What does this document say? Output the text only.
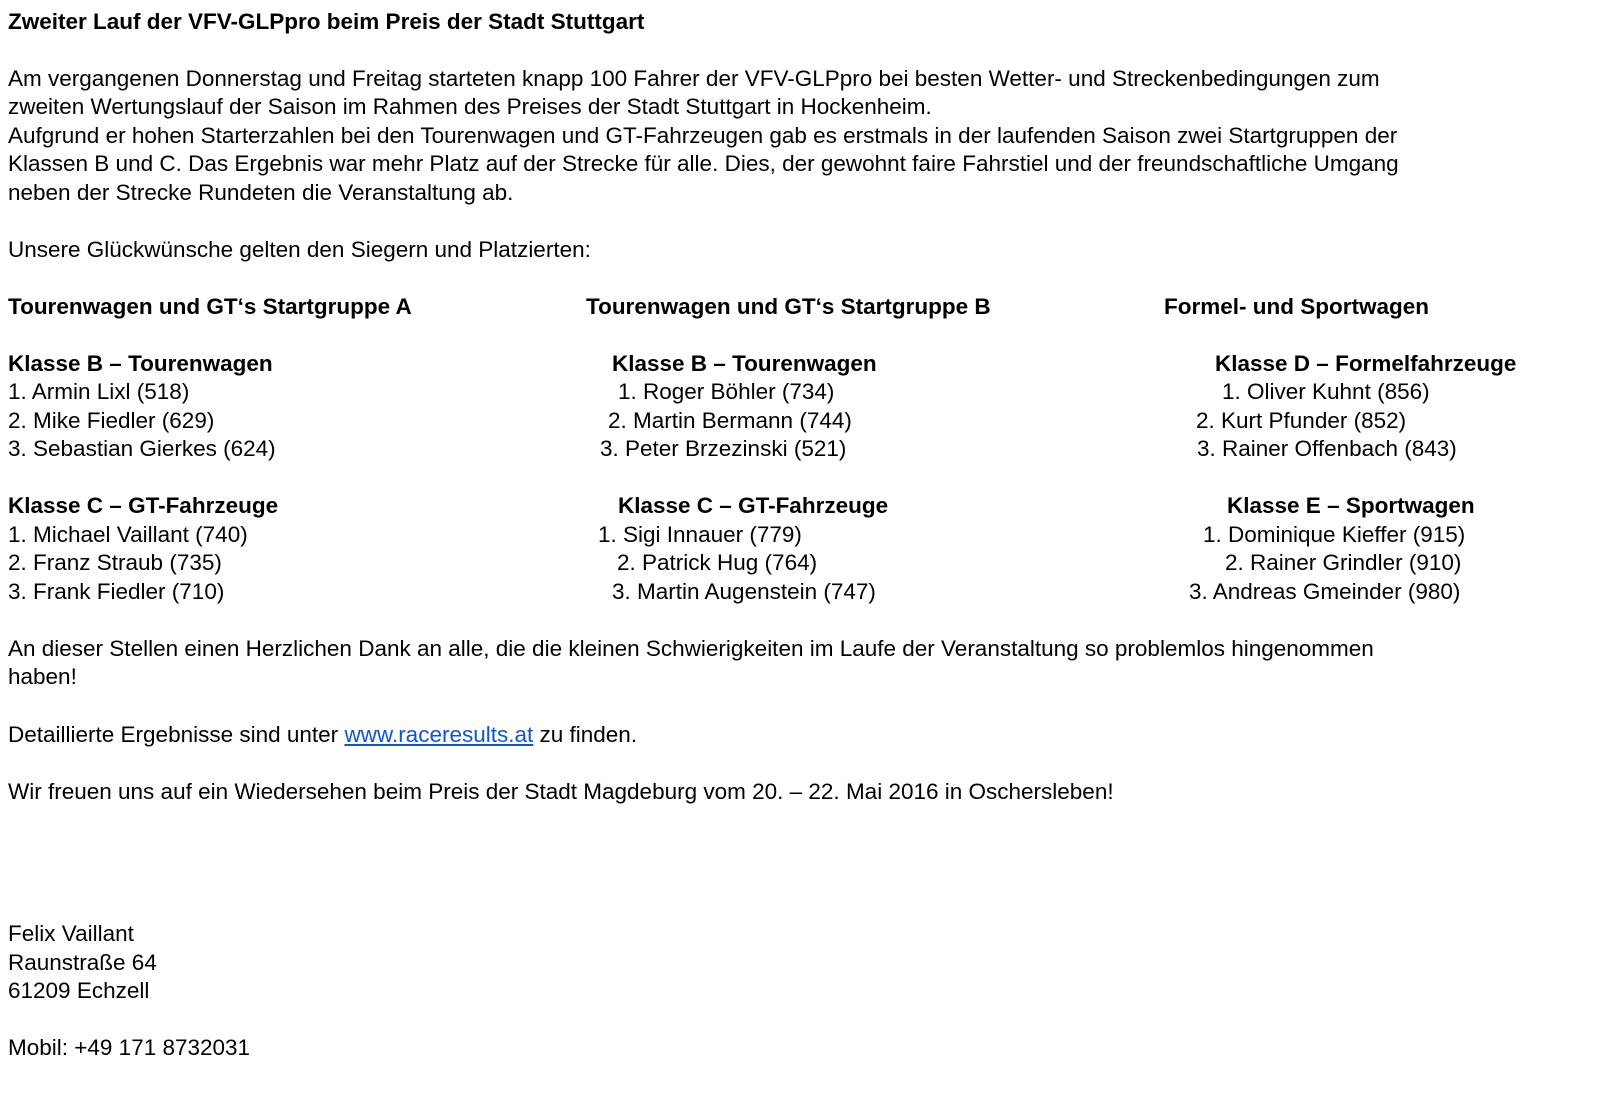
Zweiter Lauf der VFV-GLPpro beim Preis der Stadt Stuttgart
Am vergangenen Donnerstag und Freitag starteten knapp 100 Fahrer der VFV-GLPpro bei besten Wetter- und Streckenbedingungen zum
zweiten Wertungslauf der Saison im Rahmen des Preises der Stadt Stuttgart in Hockenheim.
Aufgrund er hohen Starterzahlen bei den Tourenwagen und GT-Fahrzeugen gab es erstmals in der laufenden Saison zwei Startgruppen der
Klassen B und C. Das Ergebnis war mehr Platz auf der Strecke für alle. Dies, der gewohnt faire Fahrstiel und der freundschaftliche Umgang
neben der Strecke Rundeten die Veranstaltung ab.
Unsere Glückwünsche gelten den Siegern und Platzierten:
Tourenwagen und GT‘s Startgruppe A
Klasse B – Tourenwagen
1. Armin Lixl (518)
2. Mike Fiedler (629)
3. Sebastian Gierkes (624)
Klasse C – GT-Fahrzeuge
1. Michael Vaillant (740)
2. Franz Straub (735)
3. Frank Fiedler (710)
Tourenwagen und GT‘s Startgruppe B
Klasse B – Tourenwagen
1. Roger Böhler (734)
2. Martin Bermann (744)
3. Peter Brzezinski (521)
Klasse C – GT-Fahrzeuge
1. Sigi Innauer (779)
2. Patrick Hug (764)
3. Martin Augenstein (747)
Formel- und Sportwagen
Klasse D – Formelfahrzeuge
1. Oliver Kuhnt (856)
2. Kurt Pfunder (852)
3. Rainer Offenbach (843)
Klasse E – Sportwagen
1. Dominique Kieffer (915)
2. Rainer Grindler (910)
3. Andreas Gmeinder (980)
An dieser Stellen einen Herzlichen Dank an alle, die die kleinen Schwierigkeiten im Laufe der Veranstaltung so problemlos hingenommen
haben!
Detaillierte Ergebnisse sind unter www.raceresults.at zu finden.
Wir freuen uns auf ein Wiedersehen beim Preis der Stadt Magdeburg vom 20. – 22. Mai 2016 in Oschersleben!
Felix Vaillant
Raunstraße 64
61209 Echzell
Mobil: +49 171 8732031
